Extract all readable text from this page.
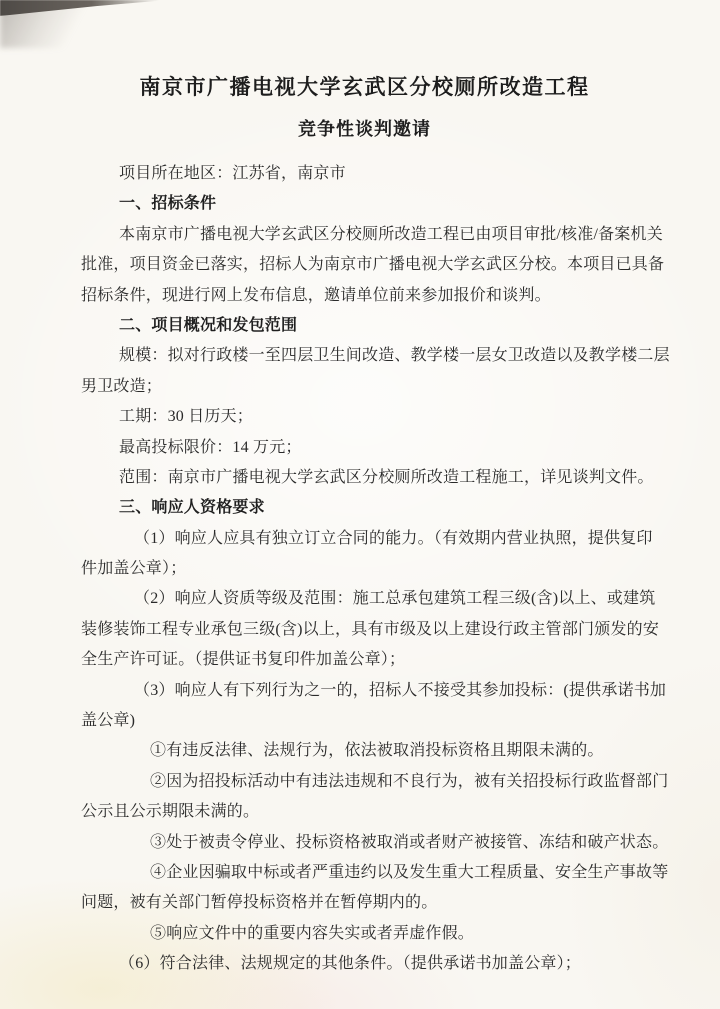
南京市广播电视大学玄武区分校厕所改造工程
竞争性谈判邀请
项目所在地区：江苏省，南京市
一、招标条件
本南京市广播电视大学玄武区分校厕所改造工程已由项目审批/核准/备案机关
批准，项目资金已落实，招标人为南京市广播电视大学玄武区分校。本项目已具备
招标条件，现进行网上发布信息，邀请单位前来参加报价和谈判。
二、项目概况和发包范围
规模：拟对行政楼一至四层卫生间改造、教学楼一层女卫改造以及教学楼二层
男卫改造；
工期：30 日历天；
最高投标限价：14 万元；
范围：南京市广播电视大学玄武区分校厕所改造工程施工，详见谈判文件。
三、响应人资格要求
（1）响应人应具有独立订立合同的能力。（有效期内营业执照，提供复印
件加盖公章）；
（2）响应人资质等级及范围：施工总承包建筑工程三级(含)以上、或建筑
装修装饰工程专业承包三级(含)以上，具有市级及以上建设行政主管部门颁发的安
全生产许可证。（提供证书复印件加盖公章）；
（3）响应人有下列行为之一的，招标人不接受其参加投标：(提供承诺书加
盖公章)
①有违反法律、法规行为，依法被取消投标资格且期限未满的。
②因为招投标活动中有违法违规和不良行为，被有关招投标行政监督部门
公示且公示期限未满的。
③处于被责令停业、投标资格被取消或者财产被接管、冻结和破产状态。
④企业因骗取中标或者严重违约以及发生重大工程质量、安全生产事故等
问题，被有关部门暂停投标资格并在暂停期内的。
⑤响应文件中的重要内容失实或者弄虚作假。
（6）符合法律、法规规定的其他条件。（提供承诺书加盖公章）；
